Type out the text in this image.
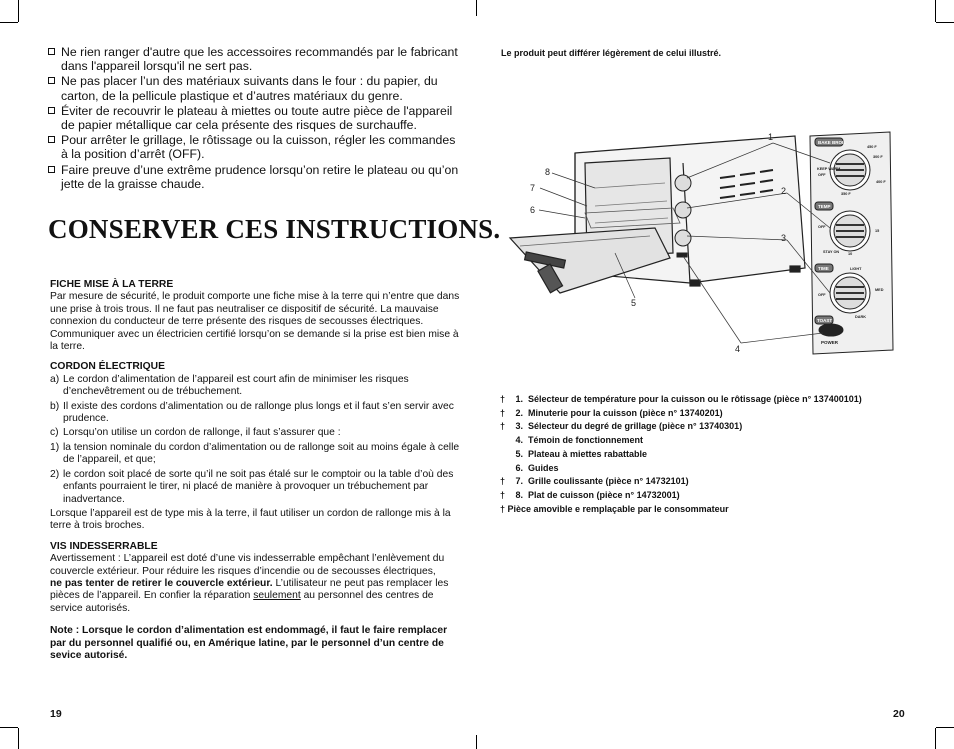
Ne rien ranger d'autre que les accessoires recommandés par le fabricant dans l'appareil lorsqu'il ne sert pas.
Ne pas placer l’un des matériaux suivants dans le four : du papier, du carton, de la pellicule plastique et d’autres matériaux du genre.
Éviter de recouvrir le plateau à miettes ou toute autre pièce de l'appareil de papier métallique car cela présente des risques de surchauffe.
Pour arrêter le grillage, le rôtissage ou la cuisson, régler les commandes à la position d’arrêt (OFF).
Faire preuve d’une extrême prudence lorsqu’on retire le plateau ou qu’on jette de la graisse chaude.
CONSERVER CES INSTRUCTIONS.
FICHE MISE À LA TERRE

Par mesure de sécurité, le produit comporte une fiche mise à la terre qui n’entre que dans une prise à trois trous. Il ne faut pas neutraliser ce dispositif de sécurité. La mauvaise connexion du conducteur de terre présente des risques de secousses électriques. Communiquer avec un électricien certifié lorsqu’on se demande si la prise est bien mise à la terre.

CORDON ÉLECTRIQUE
a) Le cordon d’alimentation de l’appareil est court afin de minimiser les risques d’enchevêtrement ou de trébuchement.
b) Il existe des cordons d’alimentation ou de rallonge plus longs et il faut s’en servir avec prudence.
c) Lorsqu’on utilise un cordon de rallonge, il faut s’assurer que :
1) la tension nominale du cordon d’alimentation ou de rallonge soit au moins égale à celle de l’appareil, et que;
2) le cordon soit placé de sorte qu’il ne soit pas étalé sur le comptoir ou la table d’où des enfants pourraient le tirer, ni placé de manière à provoquer un trébuchement par inadvertance.

Lorsque l’appareil est de type mis à la terre, il faut utiliser un cordon de rallonge mis à la terre à trois broches.

VIS INDESSERRABLE

Avertissement : L’appareil est doté d’une vis indesserrable empêchant l’enlèvement du couvercle extérieur. Pour réduire les risques d’incendie ou de secousses électriques,
ne pas tenter de retirer le couvercle extérieur. L’utilisateur ne peut pas remplacer les pièces de l’appareil. En confier la réparation seulement au personnel des centres de service autorisés.

Note : Lorsque le cordon d’alimentation est endommagé, il faut le faire remplacer par du personnel qualifié ou, en Amérique latine, par le personnel d’un centre de sevice autorisé.

19
Le produit peut différer légèrement de celui illustré.
BAKE BROIL
TEMP
TIME
TOAST
POWER
450 F
300 F
KEEP WARM
OFF
350 F
400 F
OFF
STAY ON
15
10
OFF
LIGHT
DARK
MED
1
2
3
4
5
6
7
8
†	1. Sélecteur de température pour la cuisson ou le rôtissage (pièce n° 137400101)
†	2. Minuterie pour la cuisson (pièce n° 13740201)
†	3. Sélecteur du degré de grillage (pièce n° 13740301)
4. Témoin de fonctionnement
5. Plateau à miettes rabattable
6. Guides
†	7. Grille coulissante (pièce n° 14732101)
†	8. Plat de cuisson (pièce n° 14732001)
† Pièce amovible e remplaçable par le consommateur
20
